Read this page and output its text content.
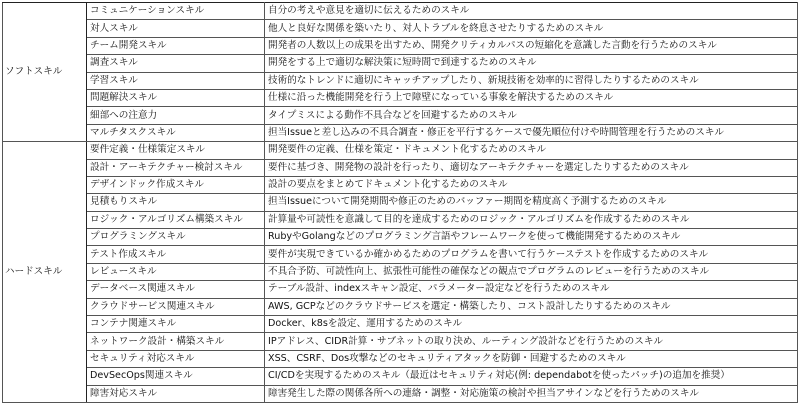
ソフトスキル	コミュニケーションスキル	自分の考えや意見を適切に伝えるためのスキル
	対人スキル	他人と良好な関係を築いたり、対人トラブルを終息させたりするためのスキル
	チーム開発スキル	開発者の人数以上の成果を出すため、開発クリティカルパスの短縮化を意識した言動を行うためのスキル
	調査スキル	開発をする上で適切な解決策に短時間で到達するためのスキル
	学習スキル	技術的なトレンドに適切にキャッチアップしたり、新規技術を効率的に習得したりするためのスキル
	問題解決スキル	仕様に沿った機能開発を行う上で障壁になっている事象を解決するためのスキル
	細部への注意力	タイプミスによる動作不具合などを回避するためのスキル
	マルチタスクスキル	担当Issueと差し込みの不具合調査・修正を平行するケースで優先順位付けや時間管理を行うためのスキル
ハードスキル	要件定義・仕様策定スキル	開発要件の定義、仕様を策定・ドキュメント化するためのスキル
	設計・アーキテクチャー検討スキル	要件に基づき、開発物の設計を行ったり、適切なアーキテクチャーを選定したりするためのスキル
	デザインドック作成スキル	設計の要点をまとめてドキュメント化するためのスキル
	見積もりスキル	担当Issueについて開発期間や修正のためのバッファー期間を精度高く予測するためのスキル
	ロジック・アルゴリズム構築スキル	計算量や可読性を意識して目的を達成するためのロジック・アルゴリズムを作成するためのスキル
	プログラミングスキル	RubyやGolangなどのプログラミング言語やフレームワークを使って機能開発するためのスキル
	テスト作成スキル	要件が実現できているか確かめるためのプログラムを書いて行うケーステストを作成するためのスキル
	レビュースキル	不具合予防、可読性向上、拡張性可能性の確保などの観点でプログラムのレビューを行うためのスキル
	データベース関連スキル	テーブル設計、indexスキャン設定、パラメーター設定などを行うためのスキル
	クラウドサービス関連スキル	AWS, GCPなどのクラウドサービスを選定・構築したり、コスト設計したりするためのスキル
	コンテナ関連スキル	Docker、k8sを設定、運用するためのスキル
	ネットワーク設計・構築スキル	IPアドレス、CIDR計算・サブネットの取り決め、ルーティング設計などを行うためのスキル
	セキュリティ対応スキル	XSS、CSRF、Dos攻撃などのセキュリティアタックを防御・回避するためのスキル
	DevSecOps関連スキル	CI/CDを実現するためのスキル（最近はセキュリティ対応(例: dependabotを使ったパッチ)の追加を推奨）
	障害対応スキル	障害発生した際の関係各所への連絡・調整・対応施策の検討や担当アサインなどを行うためのスキル
